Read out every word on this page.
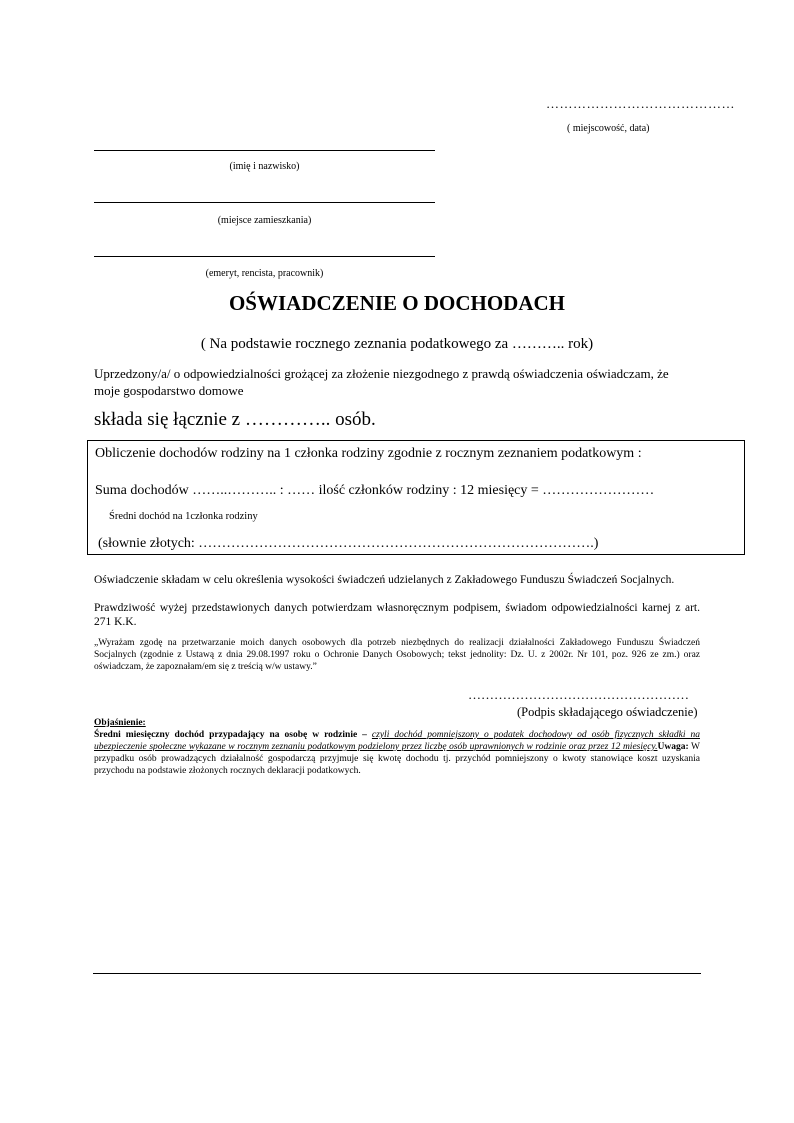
……………………………………
( miejscowość, data)
(imię i nazwisko)
(miejsce zamieszkania)
(emeryt, rencista, pracownik)
OŚWIADCZENIE O DOCHODACH
( Na podstawie rocznego zeznania podatkowego za ……….. rok)
Uprzedzony/a/ o odpowiedzialności grożącej za złożenie niezgodnego z prawdą oświadczenia oświadczam, że moje gospodarstwo domowe
składa się łącznie z ………….. osób.
Obliczenie dochodów rodziny na 1 członka rodziny zgodnie z rocznym zeznaniem podatkowym :
Suma dochodów ……..……….. : …… ilość członków rodziny : 12 miesięcy = ……………………
Średni dochód na 1członka rodziny
(słownie złotych: ………………………………………………………………………….)
Oświadczenie składam w celu określenia wysokości świadczeń udzielanych z Zakładowego Funduszu Świadczeń Socjalnych.
Prawdziwość wyżej przedstawionych danych potwierdzam własnoręcznym podpisem, świadom odpowiedzialności karnej z art. 271 K.K.
„Wyrażam zgodę na przetwarzanie moich danych osobowych dla potrzeb niezbędnych do realizacji działalności Zakładowego Funduszu Świadczeń Socjalnych (zgodnie z Ustawą z dnia 29.08.1997 roku o Ochronie Danych Osobowych; tekst jednolity: Dz. U. z 2002r. Nr 101, poz. 926 ze zm.) oraz oświadczam, że zapoznałam/em się z treścią w/w ustawy.”
……………………………………………
(Podpis składającego oświadczenie)
Objaśnienie:
Średni miesięczny dochód przypadający na osobę w rodzinie – czyli dochód pomniejszony o podatek dochodowy od osób fizycznych składki na ubezpieczenie społeczne wykazane w rocznym zeznaniu podatkowym podzielony przez liczbę osób uprawnionych w rodzinie oraz przez 12 miesięcy.Uwaga: W przypadku osób prowadzących działalność gospodarczą przyjmuje się kwotę dochodu tj. przychód pomniejszony o kwoty stanowiące koszt uzyskania przychodu na podstawie złożonych rocznych deklaracji podatkowych.
